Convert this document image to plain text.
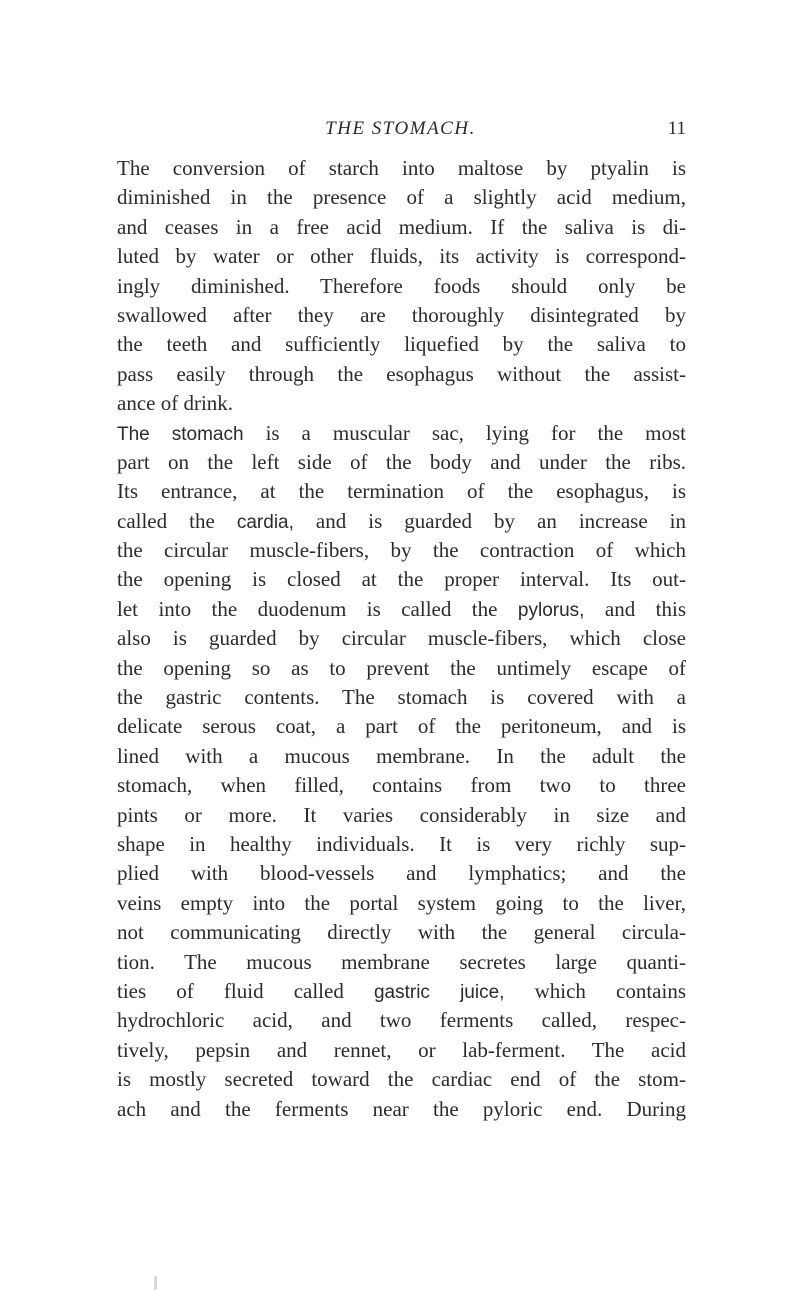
THE STOMACH.	11
The conversion of starch into maltose by ptyalin is
diminished in the presence of a slightly acid medium,
and ceases in a free acid medium. If the saliva is di-
luted by water or other fluids, its activity is correspond-
ingly diminished. Therefore foods should only be
swallowed after they are thoroughly disintegrated by
the teeth and sufficiently liquefied by the saliva to
pass easily through the esophagus without the assist-
ance of drink.
The stomach is a muscular sac, lying for the most
part on the left side of the body and under the ribs.
Its entrance, at the termination of the esophagus, is
called the cardia, and is guarded by an increase in
the circular muscle-fibers, by the contraction of which
the opening is closed at the proper interval. Its out-
let into the duodenum is called the pylorus, and this
also is guarded by circular muscle-fibers, which close
the opening so as to prevent the untimely escape of
the gastric contents. The stomach is covered with a
delicate serous coat, a part of the peritoneum, and is
lined with a mucous membrane. In the adult the
stomach, when filled, contains from two to three
pints or more. It varies considerably in size and
shape in healthy individuals. It is very richly sup-
plied with blood-vessels and lymphatics; and the
veins empty into the portal system going to the liver,
not communicating directly with the general circula-
tion. The mucous membrane secretes large quanti-
ties of fluid called gastric juice, which contains
hydrochloric acid, and two ferments called, respec-
tively, pepsin and rennet, or lab-ferment. The acid
is mostly secreted toward the cardiac end of the stom-
ach and the ferments near the pyloric end. During
